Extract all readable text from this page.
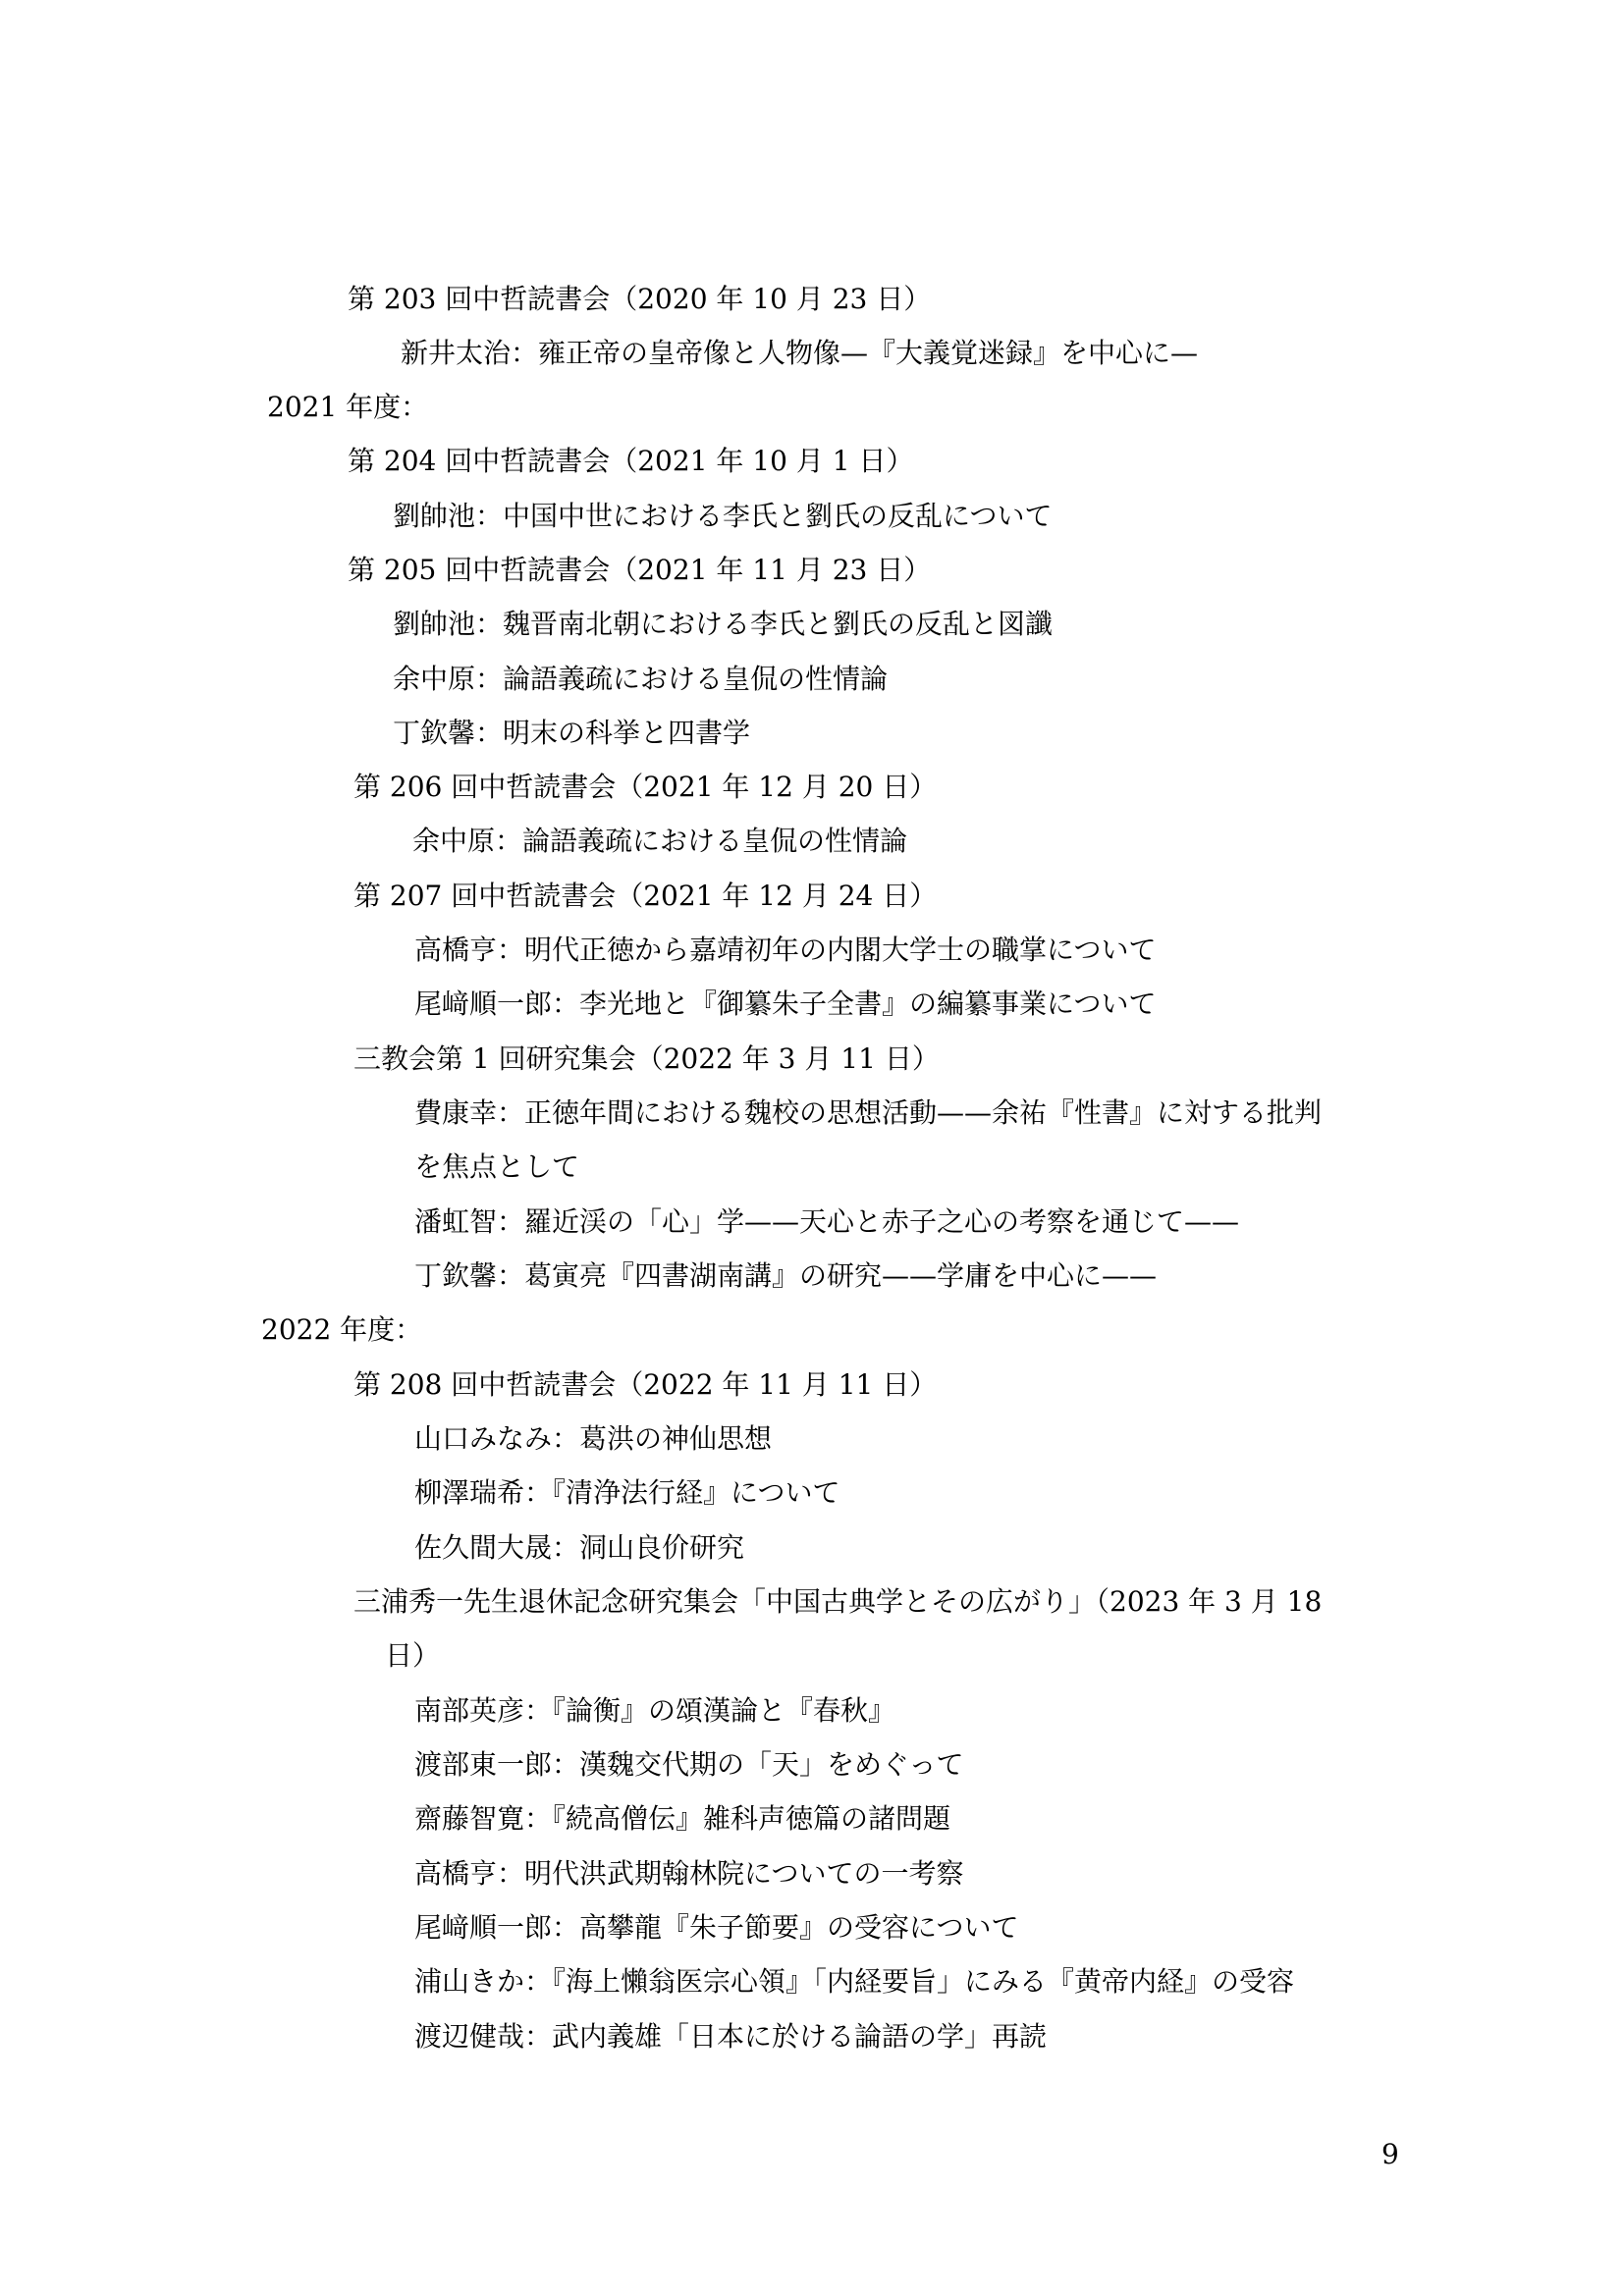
第 203 回中哲読書会（2020 年 10 月 23 日）
新井太治：雍正帝の皇帝像と人物像—『大義覚迷録』を中心に—
2021 年度：
第 204 回中哲読書会（2021 年 10 月 1 日）
劉帥池：中国中世における李氏と劉氏の反乱について
第 205 回中哲読書会（2021 年 11 月 23 日）
劉帥池：魏晋南北朝における李氏と劉氏の反乱と図讖
余中原：論語義疏における皇侃の性情論
丁欽馨：明末の科挙と四書学
第 206 回中哲読書会（2021 年 12 月 20 日）
余中原：論語義疏における皇侃の性情論
第 207 回中哲読書会（2021 年 12 月 24 日）
高橋亨：明代正徳から嘉靖初年の内閣大学士の職掌について
尾﨑順一郎：李光地と『御纂朱子全書』の編纂事業について
三教会第 1 回研究集会（2022 年 3 月 11 日）
費康幸：正徳年間における魏校の思想活動——余祐『性書』に対する批判
を焦点として
潘虹智：羅近渓の「心」学——天心と赤子之心の考察を通じて——
丁欽馨：葛寅亮『四書湖南講』の研究——学庸を中心に——
2022 年度：
第 208 回中哲読書会（2022 年 11 月 11 日）
山口みなみ：葛洪の神仙思想
柳澤瑞希：『清浄法行経』について
佐久間大晟：洞山良价研究
三浦秀一先生退休記念研究集会「中国古典学とその広がり」（2023 年 3 月 18
日）
南部英彦：『論衡』の頌漢論と『春秋』
渡部東一郎：漢魏交代期の「天」をめぐって
齋藤智寛：『続高僧伝』雑科声徳篇の諸問題
高橋亨：明代洪武期翰林院についての一考察
尾﨑順一郎：高攀龍『朱子節要』の受容について
浦山きか：『海上懶翁医宗心領』「内経要旨」にみる『黄帝内経』の受容
渡辺健哉：武内義雄「日本に於ける論語の学」再読
9
